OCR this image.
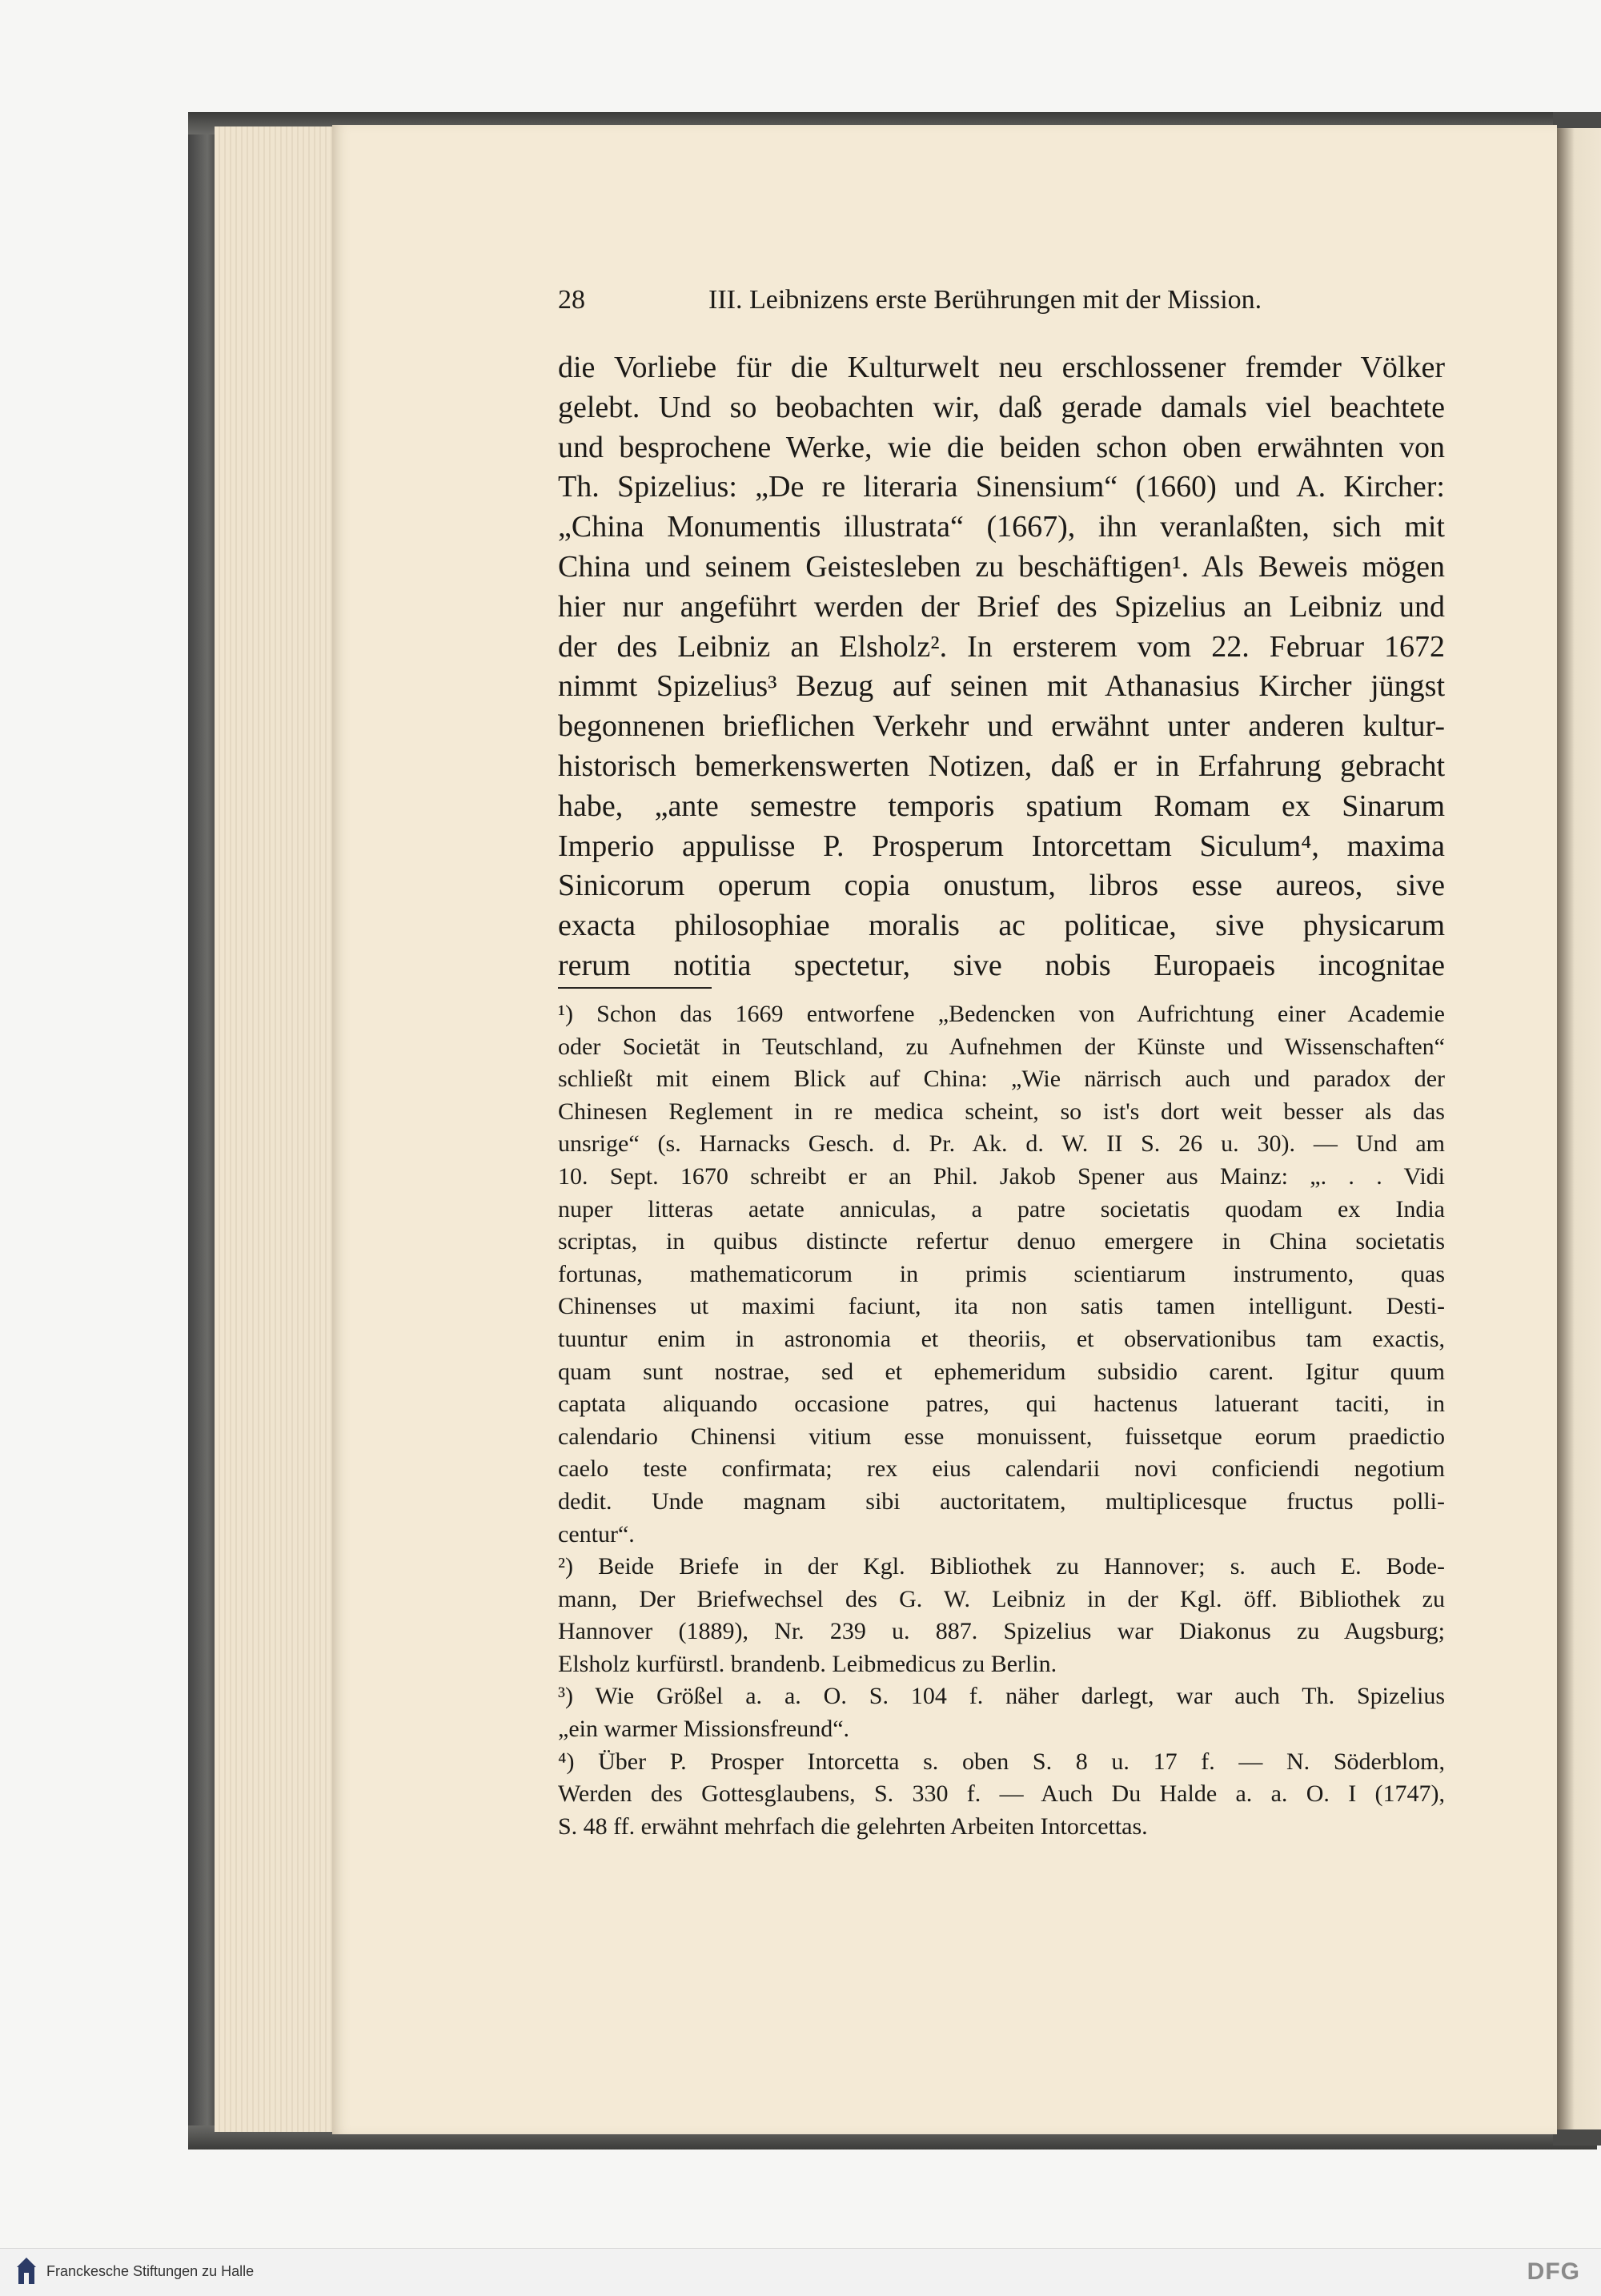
28	III. Leibnizens erste Berührungen mit der Mission.
die Vorliebe für die Kulturwelt neu erschlossener fremder Völker
gelebt. Und so beobachten wir, daß gerade damals viel beachtete
und besprochene Werke, wie die beiden schon oben erwähnten von
Th. Spizelius: „De re literaria Sinensium“ (1660) und A. Kircher:
„China Monumentis illustrata“ (1667), ihn veranlaßten, sich mit
China und seinem Geistesleben zu beschäftigen¹. Als Beweis mögen
hier nur angeführt werden der Brief des Spizelius an Leibniz und
der des Leibniz an Elsholz². In ersterem vom 22. Februar 1672
nimmt Spizelius³ Bezug auf seinen mit Athanasius Kircher jüngst
begonnenen brieflichen Verkehr und erwähnt unter anderen kultur-
historisch bemerkenswerten Notizen, daß er in Erfahrung gebracht
habe, „ante semestre temporis spatium Romam ex Sinarum
Imperio appulisse P. Prosperum Intorcettam Siculum⁴, maxima
Sinicorum operum copia onustum, libros esse aureos, sive
exacta philosophiae moralis ac politicae, sive physicarum
rerum notitia spectetur, sive nobis Europaeis incognitae
¹) Schon das 1669 entworfene „Bedencken von Aufrichtung einer Academie
oder Societät in Teutschland, zu Aufnehmen der Künste und Wissenschaften“
schließt mit einem Blick auf China: „Wie närrisch auch und paradox der
Chinesen Reglement in re medica scheint, so ist's dort weit besser als das
unsrige“ (s. Harnacks Gesch. d. Pr. Ak. d. W. II S. 26 u. 30). — Und am
10. Sept. 1670 schreibt er an Phil. Jakob Spener aus Mainz: „. . . Vidi
nuper litteras aetate anniculas, a patre societatis quodam ex India
scriptas, in quibus distincte refertur denuo emergere in China societatis
fortunas, mathematicorum in primis scientiarum instrumento, quas
Chinenses ut maximi faciunt, ita non satis tamen intelligunt. Desti-
tuuntur enim in astronomia et theoriis, et observationibus tam exactis,
quam sunt nostrae, sed et ephemeridum subsidio carent. Igitur quum
captata aliquando occasione patres, qui hactenus latuerant taciti, in
calendario Chinensi vitium esse monuissent, fuissetque eorum praedictio
caelo teste confirmata; rex eius calendarii novi conficiendi negotium
dedit. Unde magnam sibi auctoritatem, multiplicesque fructus polli-
centur“.
²) Beide Briefe in der Kgl. Bibliothek zu Hannover; s. auch E. Bode-
mann, Der Briefwechsel des G. W. Leibniz in der Kgl. öff. Bibliothek zu
Hannover (1889), Nr. 239 u. 887. Spizelius war Diakonus zu Augsburg;
Elsholz kurfürstl. brandenb. Leibmedicus zu Berlin.
³) Wie Größel a. a. O. S. 104 f. näher darlegt, war auch Th. Spizelius
„ein warmer Missionsfreund“.
⁴) Über P. Prosper Intorcetta s. oben S. 8 u. 17 f. — N. Söderblom,
Werden des Gottesglaubens, S. 330 f. — Auch Du Halde a. a. O. I (1747),
S. 48 ff. erwähnt mehrfach die gelehrten Arbeiten Intorcettas.
Franckesche Stiftungen zu Halle	DFG
